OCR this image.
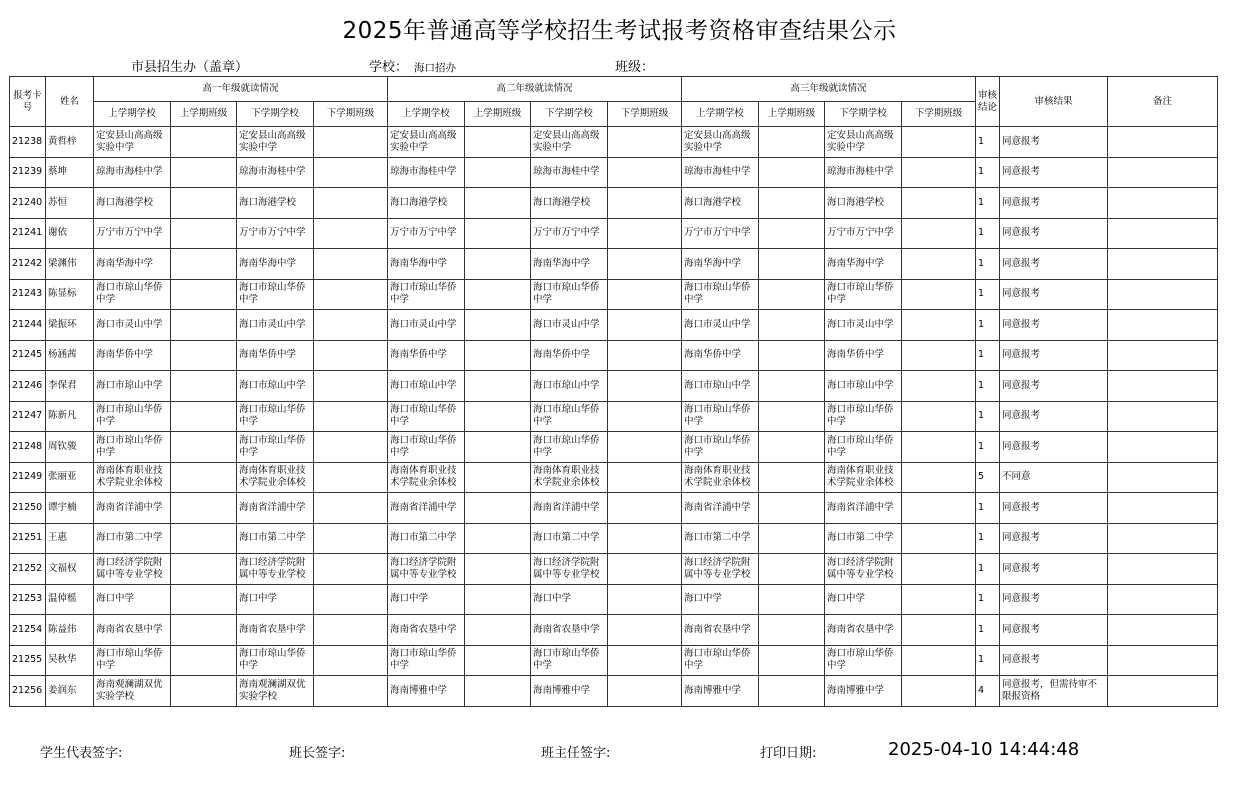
2025年普通高等学校招生考试报考资格审查结果公示
市县招生办（盖章）	学校： 海口招办	班级：
报考卡号	姓名	高一年级就读情况				高二年级就读情况				高三年级就读情况				审核结论	审核结果	备注
		上学期学校	上学期班级	下学期学校	下学期班级	上学期学校	上学期班级	下学期学校	下学期班级	上学期学校	上学期班级	下学期学校	下学期班级			
21238	黄哲梓	定安县山高高级实验中学		定安县山高高级实验中学		定安县山高高级实验中学		定安县山高高级实验中学		定安县山高高级实验中学		定安县山高高级实验中学		1	同意报考	
21239	蔡坤	琼海市海桂中学		琼海市海桂中学		琼海市海桂中学		琼海市海桂中学		琼海市海桂中学		琼海市海桂中学		1	同意报考	
21240	苏恒	海口海港学校		海口海港学校		海口海港学校		海口海港学校		海口海港学校		海口海港学校		1	同意报考	
21241	谢依	万宁市万宁中学		万宁市万宁中学		万宁市万宁中学		万宁市万宁中学		万宁市万宁中学		万宁市万宁中学		1	同意报考	
21242	梁渊伟	海南华海中学		海南华海中学		海南华海中学		海南华海中学		海南华海中学		海南华海中学		1	同意报考	
21243	陈显标	海口市琼山华侨中学		海口市琼山华侨中学		海口市琼山华侨中学		海口市琼山华侨中学		海口市琼山华侨中学		海口市琼山华侨中学		1	同意报考	
21244	梁振环	海口市灵山中学		海口市灵山中学		海口市灵山中学		海口市灵山中学		海口市灵山中学		海口市灵山中学		1	同意报考	
21245	杨涵茜	海南华侨中学		海南华侨中学		海南华侨中学		海南华侨中学		海南华侨中学		海南华侨中学		1	同意报考	
21246	李保君	海口市琼山中学		海口市琼山中学		海口市琼山中学		海口市琼山中学		海口市琼山中学		海口市琼山中学		1	同意报考	
21247	陈新凡	海口市琼山华侨中学		海口市琼山华侨中学		海口市琼山华侨中学		海口市琼山华侨中学		海口市琼山华侨中学		海口市琼山华侨中学		1	同意报考	
21248	周钦骏	海口市琼山华侨中学		海口市琼山华侨中学		海口市琼山华侨中学		海口市琼山华侨中学		海口市琼山华侨中学		海口市琼山华侨中学		1	同意报考	
21249	张丽亚	海南体育职业技术学院业余体校		海南体育职业技术学院业余体校		海南体育职业技术学院业余体校		海南体育职业技术学院业余体校		海南体育职业技术学院业余体校		海南体育职业技术学院业余体校		5	不同意	
21250	谭宇楠	海南省洋浦中学		海南省洋浦中学		海南省洋浦中学		海南省洋浦中学		海南省洋浦中学		海南省洋浦中学		1	同意报考	
21251	王惠	海口市第二中学		海口市第二中学		海口市第二中学		海口市第二中学		海口市第二中学		海口市第二中学		1	同意报考	
21252	文福权	海口经济学院附属中等专业学校		海口经济学院附属中等专业学校		海口经济学院附属中等专业学校		海口经济学院附属中等专业学校		海口经济学院附属中等专业学校		海口经济学院附属中等专业学校		1	同意报考	
21253	温倬榣	海口中学		海口中学		海口中学		海口中学		海口中学		海口中学		1	同意报考	
21254	陈益伟	海南省农垦中学		海南省农垦中学		海南省农垦中学		海南省农垦中学		海南省农垦中学		海南省农垦中学		1	同意报考	
21255	吴秋华	海口市琼山华侨中学		海口市琼山华侨中学		海口市琼山华侨中学		海口市琼山华侨中学		海口市琼山华侨中学		海口市琼山华侨中学		1	同意报考	
21256	姜润东	海南观澜湖双优实验学校		海南观澜湖双优实验学校		海南博雅中学		海南博雅中学		海南博雅中学		海南博雅中学		4	同意报考，但需待审不限报资格	
学生代表签字:	班长签字:	班主任签字:	打印日期:	2025-04-10 14:44:48
